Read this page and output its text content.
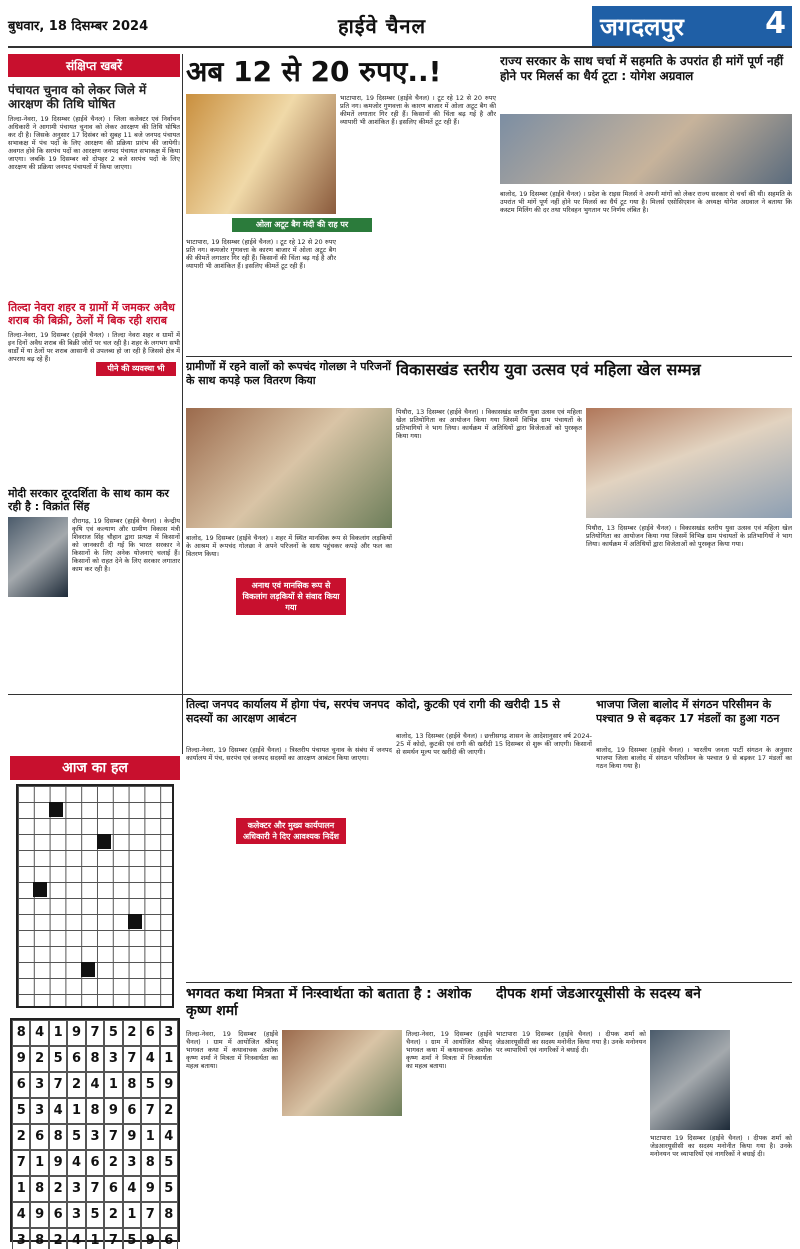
बुधवार, 18 दिसम्बर 2024	हाईवे चैनल	जगदलपुर	4
संक्षिप्त खबरें
पंचायत चुनाव को लेकर जिले में आरक्षण की तिथि घोषित
तिल्दा-नेवरा, 19 दिसम्बर (हाईवे चैनल) । जिला कलेक्टर एवं निर्वाचन अधिकारी ने आगामी पंचायत चुनाव को लेकर आरक्षण की तिथि घोषित कर दी है। जिसके अनुसार 17 दिसंबर को सुबह 11 बजे जनपद पंचायत सभाकक्ष में पंच पदों के लिए आरक्षण की प्रक्रिया प्रारंभ की जायेगी। अवगत होवे कि सरपंच पदों का आरक्षण जनपद पंचायत सभाकक्ष में किया जाएगा। जबकि 19 दिसम्बर को दोपहर 2 बजे सरपंच पदों के लिए आरक्षण की प्रक्रिया जनपद पंचायतों में किया जाएगा।
तिल्दा नेवरा शहर व ग्रामों में जमकर अवैध शराब की बिक्री, ठेलों में बिक रही शराब
तिल्दा-नेवरा, 19 दिसम्बर (हाईवे चैनल) । तिल्दा नेवरा शहर व ग्रामों में इन दिनों अवैध शराब की बिक्री जोरों पर चल रही है। शहर के लगभग सभी वार्डों में या ठेलों पर शराब आसानी से उपलब्ध हो जा रही है जिससे क्षेत्र में अपराध बढ़ रहे हैं।
मोदी सरकार दूरदर्शिता के साथ काम कर रही है : विक्रांत सिंह
दौरागढ़, 19 दिसम्बर (हाईवे चैनल) । केन्द्रीय कृषि एवं कल्याण और ग्रामीण विकास मंत्री शिवराज सिंह चौहान द्वारा प्रत्यक्ष में किसानों को जानकारी दी गई कि भारत सरकार ने किसानों के लिए अनेक योजनाएं चलाई हैं। किसानों को राहत देने के लिए सरकार लगातार काम कर रही है।
पीने की व्यवस्था भी
अब 12 से 20 रुपए..!
भाटापारा, 19 दिसम्बर (हाईवे चैनल) । टूट रहे 12 से 20 रुपए प्रति नग। कमजोर गुणवत्ता के कारण बाजार में ओला अटूट बैग की कीमतें लगातार गिर रही हैं। किसानों की चिंता बढ़ गई है और व्यापारी भी आशंकित हैं। इसलिए कीमतें टूट रही हैं।
भाटापारा, 19 दिसम्बर (हाईवे चैनल) । टूट रहे 12 से 20 रुपए प्रति नग। कमजोर गुणवत्ता के कारण बाजार में ओला अटूट बैग की कीमतें लगातार गिर रही हैं। किसानों की चिंता बढ़ गई है और व्यापारी भी आशंकित हैं। इसलिए कीमतें टूट रही हैं।
ओला अटूट बैग मंदी की राह पर
राज्य सरकार के साथ चर्चा में सहमति के उपरांत ही मांगें पूर्ण नहीं होने पर मिलर्स का धैर्य टूटा : योगेश अग्रवाल
बालोद, 19 दिसम्बर (हाईवे चैनल) । प्रदेश के राइस मिलर्स ने अपनी मांगों को लेकर राज्य सरकार से चर्चा की थी। सहमति के उपरांत भी मांगें पूर्ण नहीं होने पर मिलर्स का धैर्य टूट गया है। मिलर्स एसोसिएशन के अध्यक्ष योगेश अग्रवाल ने बताया कि कस्टम मिलिंग की दर तथा परिवहन भुगतान पर निर्णय लंबित है।
ग्रामीणों में रहने वालों को रूपचंद गोलछा ने परिजनों के साथ कपड़े फल वितरण किया
बालोद, 19 दिसम्बर (हाईवे चैनल) । शहर में स्थित मानसिक रूप से विकलांग लड़कियों के आश्रम में रूपचंद गोलछा ने अपने परिजनों के साथ पहुंचकर कपड़े और फल का वितरण किया।
अनाथ एवं मानसिक रूप से विकलांग लड़कियों से संवाद किया गया
विकासखंड स्तरीय युवा उत्सव एवं महिला खेल सम्मन्न
पिथौरा, 13 दिसम्बर (हाईवे चैनल) । विकासखंड स्तरीय युवा उत्सव एवं महिला खेल प्रतियोगिता का आयोजन किया गया जिसमें विभिन्न ग्राम पंचायतों के प्रतिभागियों ने भाग लिया। कार्यक्रम में अतिथियों द्वारा विजेताओं को पुरस्कृत किया गया।
पिथौरा, 13 दिसम्बर (हाईवे चैनल) । विकासखंड स्तरीय युवा उत्सव एवं महिला खेल प्रतियोगिता का आयोजन किया गया जिसमें विभिन्न ग्राम पंचायतों के प्रतिभागियों ने भाग लिया। कार्यक्रम में अतिथियों द्वारा विजेताओं को पुरस्कृत किया गया।
तिल्दा जनपद कार्यालय में होगा पंच, सरपंच जनपद सदस्यों का आरक्षण आबंटन
तिल्दा-नेवरा, 19 दिसम्बर (हाईवे चैनल) । त्रिस्तरीय पंचायत चुनाव के संबंध में जनपद कार्यालय में पंच, सरपंच एवं जनपद सदस्यों का आरक्षण आबंटन किया जाएगा।
कलेक्टर और मुख्य कार्यपालन अधिकारी ने दिए आवश्यक निर्देश
कोदो, कुटकी एवं रागी की खरीदी 15 से
बालोद, 13 दिसम्बर (हाईवे चैनल) । छत्तीसगढ़ शासन के आदेशानुसार वर्ष 2024-25 में कोदो, कुटकी एवं रागी की खरीदी 15 दिसम्बर से शुरू की जाएगी। किसानों से समर्थन मूल्य पर खरीदी की जाएगी।
भाजपा जिला बालोद में संगठन परिसीमन के पश्चात 9 से बढ़कर 17 मंडलों का हुआ गठन
बालोद, 19 दिसम्बर (हाईवे चैनल) । भारतीय जनता पार्टी संगठन के अनुसार भाजपा जिला बालोद में संगठन परिसीमन के पश्चात 9 से बढ़कर 17 मंडलों का गठन किया गया है।
आज का हल
8 4 1 9 7 5 2 6 3
9 2 5 6 8 3 7 4 1
6 3 7 2 4 1 8 5 9
5 3 4 1 8 9 6 7 2
2 6 8 5 3 7 9 1 4
7 1 9 4 6 2 3 8 5
1 8 2 3 7 6 4 9 5
4 9 6 3 5 2 1 7 8
3 8 2 4 1 7 5 9 6
भगवत कथा मित्रता में निःस्वार्थता को बताता है : अशोक कृष्ण शर्मा
तिल्दा-नेवरा, 19 दिसम्बर (हाईवे चैनल) । ग्राम में आयोजित श्रीमद् भागवत कथा में कथावाचक अशोक कृष्ण शर्मा ने मित्रता में निःस्वार्थता का महत्व बताया।
तिल्दा-नेवरा, 19 दिसम्बर (हाईवे चैनल) । ग्राम में आयोजित श्रीमद् भागवत कथा में कथावाचक अशोक कृष्ण शर्मा ने मित्रता में निःस्वार्थता का महत्व बताया।
दीपक शर्मा जेडआरयूसीसी के सदस्य बने
भाटापारा 19 दिसम्बर (हाईवे चैनल) । दीपक शर्मा को जेडआरयूसीसी का सदस्य मनोनीत किया गया है। उनके मनोनयन पर व्यापारियों एवं नागरिकों ने बधाई दी।
भाटापारा 19 दिसम्बर (हाईवे चैनल) । दीपक शर्मा को जेडआरयूसीसी का सदस्य मनोनीत किया गया है। उनके मनोनयन पर व्यापारियों एवं नागरिकों ने बधाई दी।
